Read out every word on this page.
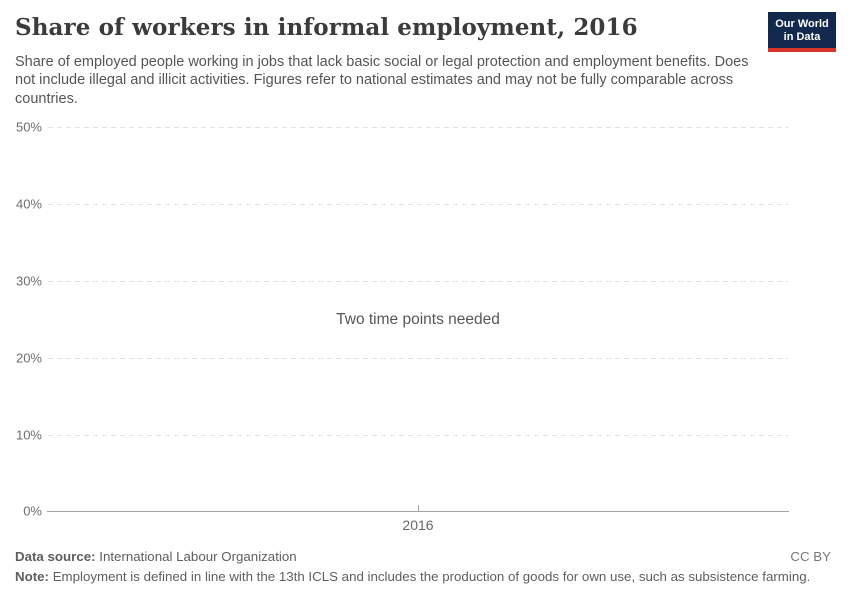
Share of workers in informal employment, 2016	Our World
in Data

Share of employed people working in jobs that lack basic social or legal protection and employment benefits. Does not include illegal and illicit activities. Figures refer to national estimates and may not be fully comparable across countries.

50%
40%
30%
20%
10%
0%
2016
Two time points needed

Data source: International Labour Organization	CC BY

Note: Employment is defined in line with the 13th ICLS and includes the production of goods for own use, such as subsistence farming.
